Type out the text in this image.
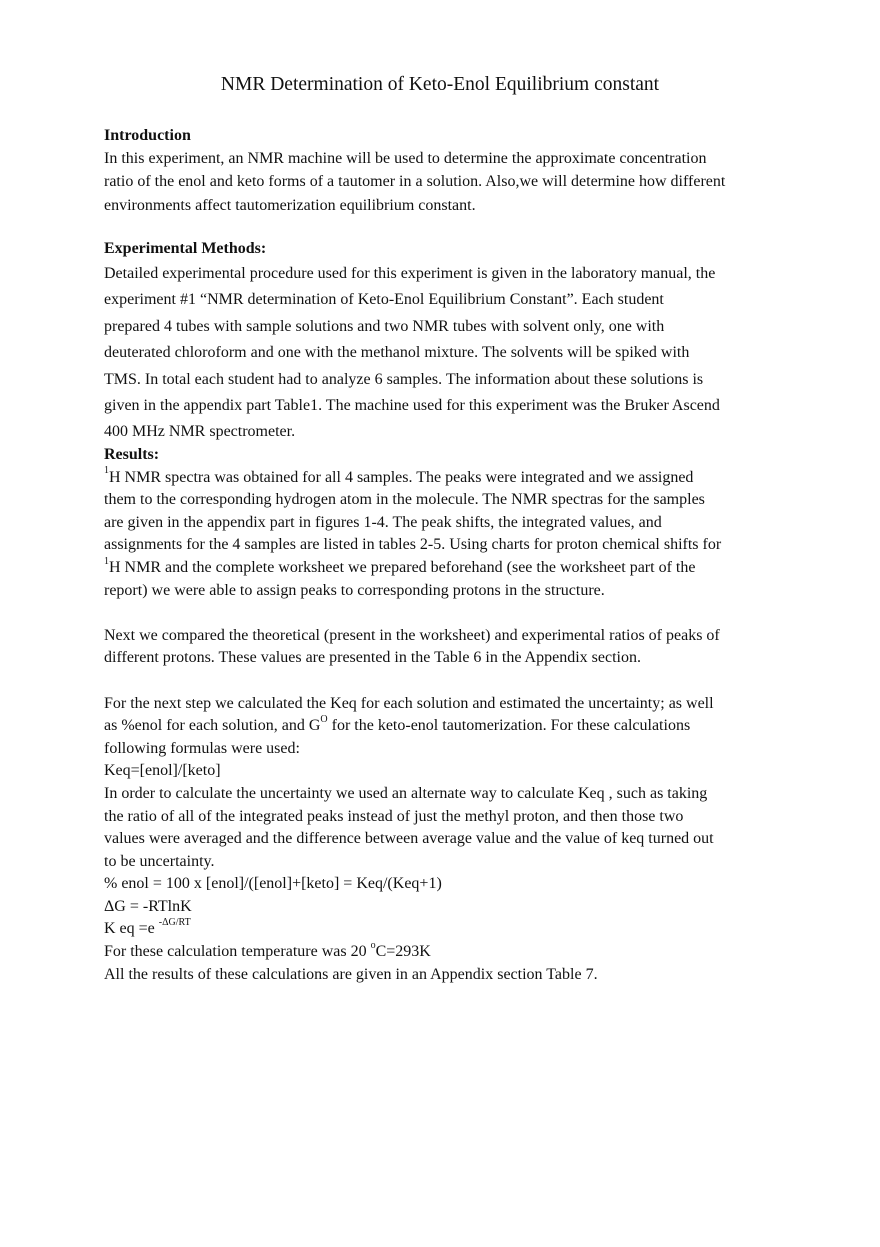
NMR Determination of Keto-Enol Equilibrium constant
Introduction
In this experiment, an NMR machine will be used to determine the approximate concentration
ratio of the enol and keto forms of a tautomer in a solution. Also,we will determine how different
environments affect tautomerization equilibrium constant.
Experimental Methods:
Detailed experimental procedure used for this experiment is given in the laboratory manual, the
experiment #1 “NMR determination of Keto-Enol Equilibrium Constant”. Each student
prepared 4 tubes with sample solutions and two NMR tubes with solvent only, one with
deuterated chloroform and one with the methanol mixture. The solvents will be spiked with
TMS. In total each student had to analyze 6 samples. The information about these solutions is
given in the appendix part Table1. The machine used for this experiment was the Bruker Ascend
400 MHz NMR spectrometer.
Results:
$^1$H NMR spectra was obtained for all 4 samples. The peaks were integrated and we assigned
them to the corresponding hydrogen atom in the molecule. The NMR spectras for the samples
are given in the appendix part in figures 1-4. The peak shifts, the integrated values, and
assignments for the 4 samples are listed in tables 2-5. Using charts for proton chemical shifts for
$^1$H NMR and the complete worksheet we prepared beforehand (see the worksheet part of the
report) we were able to assign peaks to corresponding protons in the structure.
Next we compared the theoretical (present in the worksheet) and experimental ratios of peaks of
different protons. These values are presented in the Table 6 in the Appendix section.
For the next step we calculated the Keq for each solution and estimated the uncertainty; as well
as %enol for each solution, and $G^O$ for the keto-enol tautomerization. For these calculations
following formulas were used:
Keq=[enol]/[keto]
In order to calculate the uncertainty we used an alternate way to calculate Keq , such as taking
the ratio of all of the integrated peaks instead of just the methyl proton, and then those two
values were averaged and the difference between average value and the value of keq turned out
to be uncertainty.
% enol = 100 x [enol]/([enol]+[keto] = Keq/(Keq+1)
ΔG = -RTlnK
K eq =e $^{-\Delta G/RT}$
For these calculation temperature was 20 $^o$C=293K
All the results of these calculations are given in an Appendix section Table 7.
